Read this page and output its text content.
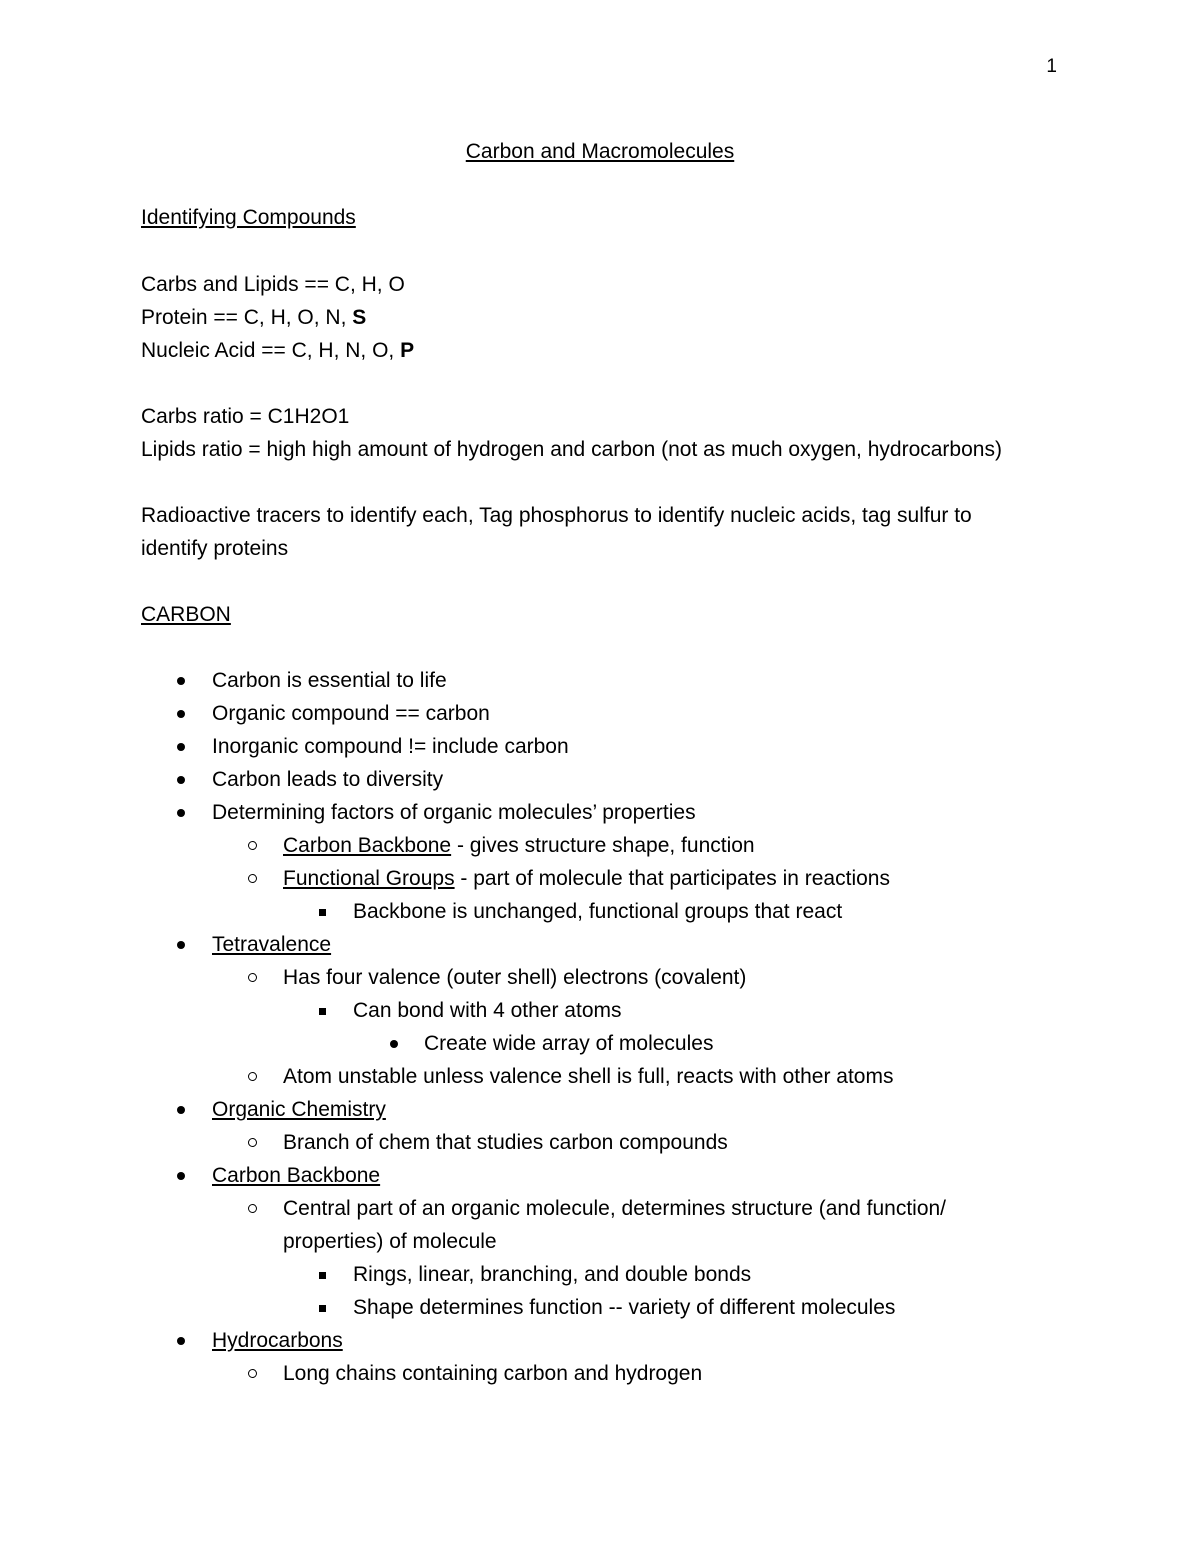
1
Carbon and Macromolecules
Identifying Compounds
Carbs and Lipids == C, H, O
Protein == C, H, O, N, S
Nucleic Acid == C, H, N, O, P
Carbs ratio = C1H2O1
Lipids ratio = high high amount of hydrogen and carbon (not as much oxygen, hydrocarbons)
Radioactive tracers to identify each, Tag phosphorus to identify nucleic acids, tag sulfur to
identify proteins
CARBON
Carbon is essential to life
Organic compound == carbon
Inorganic compound != include carbon
Carbon leads to diversity
Determining factors of organic molecules’ properties
Carbon Backbone - gives structure shape, function
Functional Groups - part of molecule that participates in reactions
Backbone is unchanged, functional groups that react
Tetravalence
Has four valence (outer shell) electrons (covalent)
Can bond with 4 other atoms
Create wide array of molecules
Atom unstable unless valence shell is full, reacts with other atoms
Organic Chemistry
Branch of chem that studies carbon compounds
Carbon Backbone
Central part of an organic molecule, determines structure (and function/ properties) of molecule
Rings, linear, branching, and double bonds
Shape determines function -- variety of different molecules
Hydrocarbons
Long chains containing carbon and hydrogen
